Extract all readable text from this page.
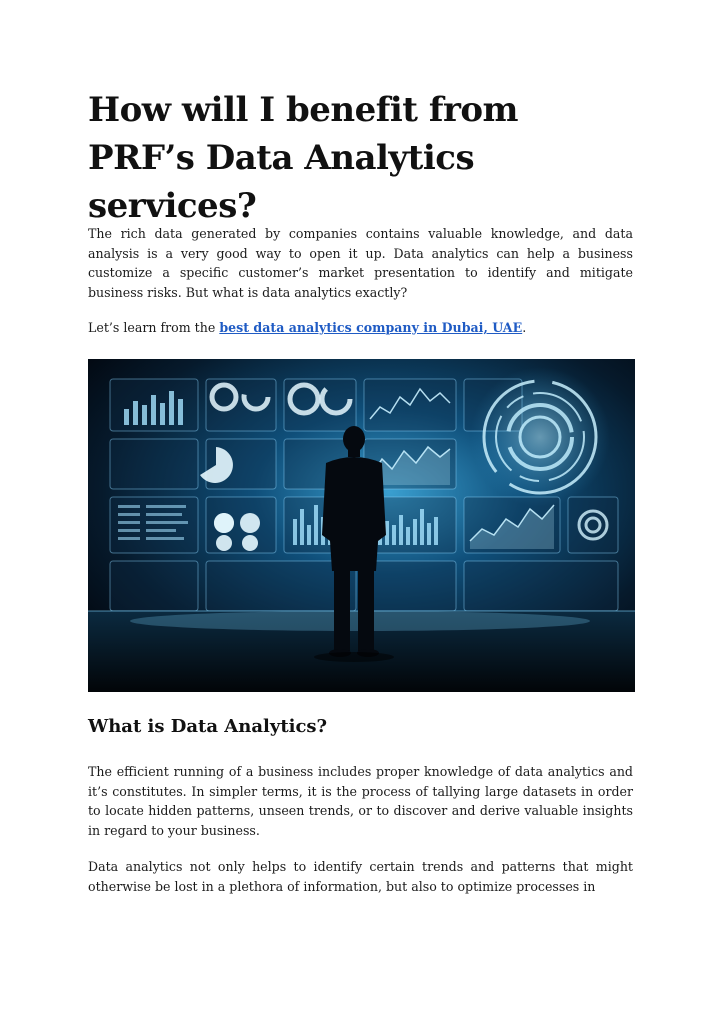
How will I benefit from PRF’s Data Analytics services?

The rich data generated by companies contains valuable knowledge, and data analysis is a very good way to open it up. Data analytics can help a business customize a specific customer’s market presentation to identify and mitigate business risks. But what is data analytics exactly?

Let’s learn from the best data analytics company in Dubai, UAE.

What is Data Analytics?

The efficient running of a business includes proper knowledge of data analytics and it’s constitutes. In simpler terms, it is the process of tallying large datasets in order to locate hidden patterns, unseen trends, or to discover and derive valuable insights in regard to your business.

Data analytics not only helps to identify certain trends and patterns that might otherwise be lost in a plethora of information, but also to optimize processes in
